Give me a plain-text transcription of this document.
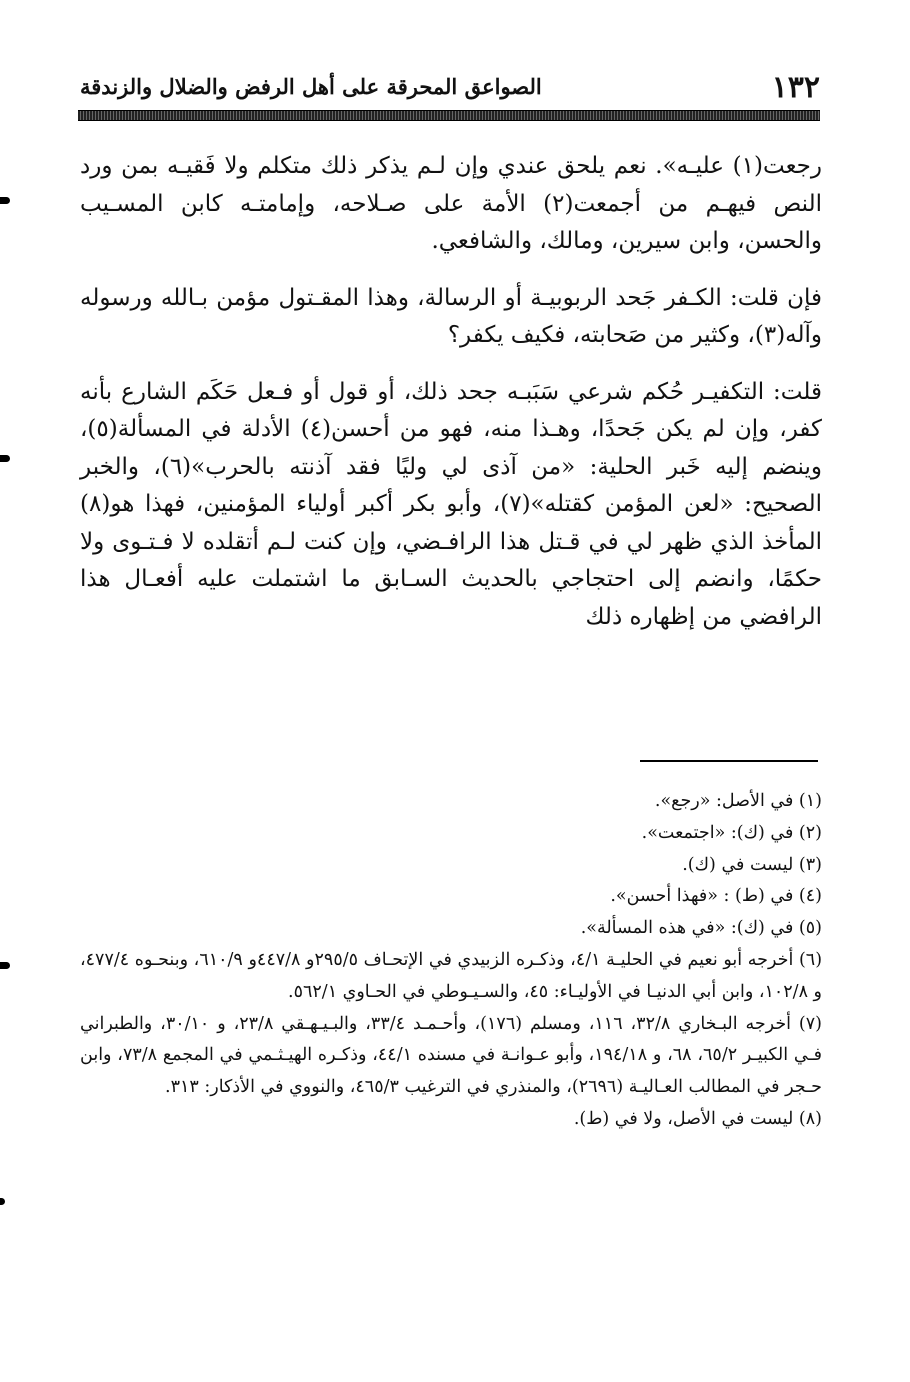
١٣٢
الصواعق المحرقة على أهل الرفض والضلال والزندقة

رجعت(١) عليـه». نعم يلحق عندي وإن لـم يذكر ذلك متكلم ولا فَقيـه بمن ورد النص فيهـم من أجمعت(٢) الأمة على صـلاحه، وإمامتـه كابن المسـيب والحسن، وابن سيرين، ومالك، والشافعي.

فإن قلت: الكـفر جَحد الربوبيـة أو الرسالة، وهذا المقـتول مؤمن بـالله ورسوله وآله(٣)، وكثير من صَحابته، فكيف يكفر؟

قلت: التكفيـر حُكم شرعي سَبَبـه جحد ذلك، أو قول أو فـعل حَكَم الشارع بأنه كفر، وإن لم يكن جَحدًا، وهـذا منه، فهو من أحسن(٤) الأدلة في المسألة(٥)، وينضم إليه خَبر الحلية: «من آذى لي وليًا فقد آذنته بالحرب»(٦)، والخبر الصحيح: «لعن المؤمن كقتله»(٧)، وأبو بكر أكبر أولياء المؤمنين، فهذا هو(٨) المأخذ الذي ظهر لي في قـتل هذا الرافـضي، وإن كنت لـم أتقلده لا فـتـوى ولا حكمًا، وانضم إلى احتجاجي بالحديث السـابق ما اشتملت عليه أفعـال هذا الرافضي من إظهاره ذلك

(١) في الأصل: «رجع».

(٢) في (ك): «اجتمعت».

(٣) ليست في (ك).

(٤) في (ط) : «فهذا أحسن».

(٥) في (ك): «في هذه المسألة».

(٦) أخرجه أبو نعيم في الحليـة ٤/١، وذكـره الزبيدي في الإتحـاف ٢٩٥/٥و ٤٤٧/٨و ٦١٠/٩، وبنحـوه ٤٧٧/٤، و ١٠٢/٨، وابن أبي الدنيـا في الأوليـاء: ٤٥، والسـيـوطي في الحـاوي ٥٦٢/١.

(٧) أخرجه البـخاري ٣٢/٨، ١١٦، ومسلم (١٧٦)، وأحـمـد ٣٣/٤، والبـيـهـقي ٢٣/٨، و ٣٠/١٠، والطبراني فـي الكبيـر ٦٥/٢، ٦٨، و ١٩٤/١٨، وأبو عـوانـة في مسنده ٤٤/١، وذكـره الهيـثـمي في المجمع ٧٣/٨، وابن حـجر في المطالب العـاليـة (٢٦٩٦)، والمنذري في الترغيب ٤٦٥/٣، والنووي في الأذكار: ٣١٣.

(٨) ليست في الأصل، ولا في (ط).
